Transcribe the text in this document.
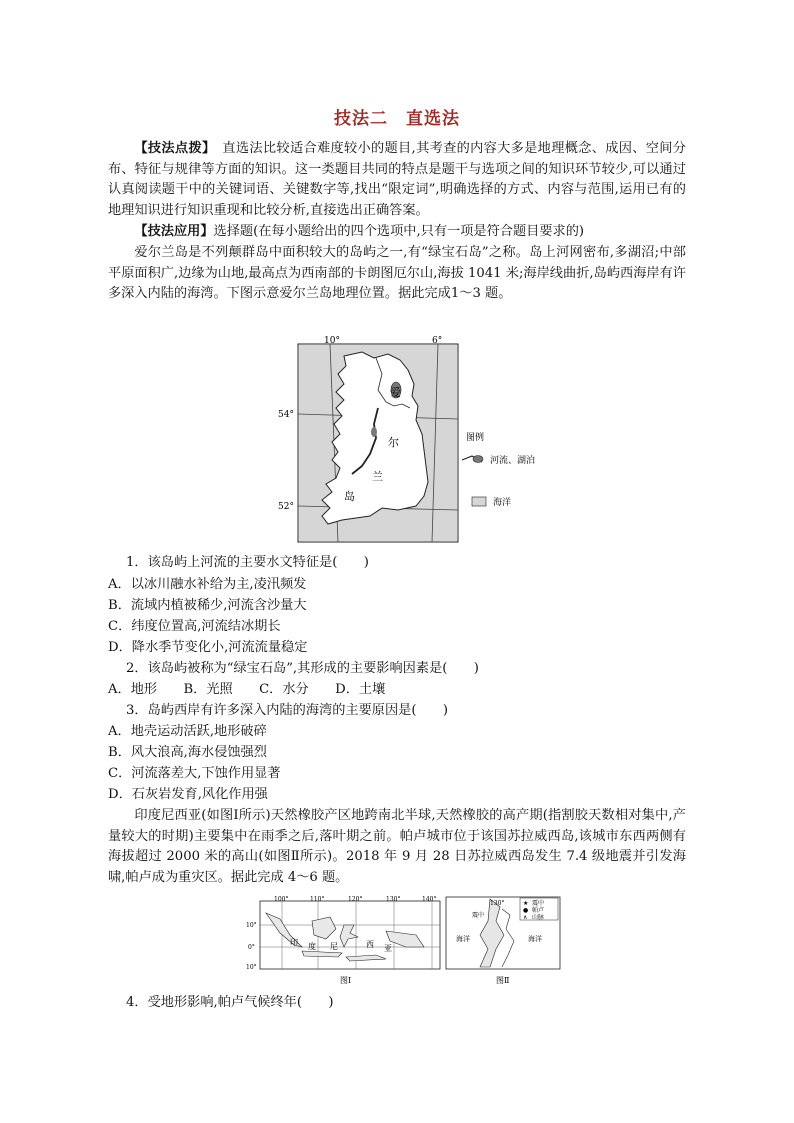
技法二　直选法

【技法点拨】　直选法比较适合难度较小的题目,其考查的内容大多是地理概念、成因、空间分布、特征与规律等方面的知识。这一类题目共同的特点是题干与选项之间的知识环节较少,可以通过认真阅读题干中的关键词语、关键数字等,找出“限定词”,明确选择的方式、内容与范围,运用已有的地理知识进行知识重现和比较分析,直接选出正确答案。

【技法应用】选择题(在每小题给出的四个选项中,只有一项是符合题目要求的)

爱尔兰岛是不列颠群岛中面积较大的岛屿之一,有“绿宝石岛”之称。岛上河网密布,多湖沼;中部平原面积广,边缘为山地,最高点为西南部的卡朗图厄尔山,海拔 1041 米;海岸线曲折,岛屿西海岸有许多深入内陆的海湾。下图示意爱尔兰岛地理位置。据此完成1～3 题。

10°	6°
54°
52°
爱
尔
兰
岛
图例
河流、湖泊
海洋
1．该岛屿上河流的主要水文特征是(　　)
A．以冰川融水补给为主,凌汛频发
B．流域内植被稀少,河流含沙量大
C．纬度位置高,河流结冰期长
D．降水季节变化小,河流流量稳定
2．该岛屿被称为“绿宝石岛”,其形成的主要影响因素是(　　)
A．地形　　B．光照　　C．水分　　D．土壤
3．岛屿西岸有许多深入内陆的海湾的主要原因是(　　)
A．地壳运动活跃,地形破碎
B．风大浪高,海水侵蚀强烈
C．河流落差大,下蚀作用显著
D．石灰岩发育,风化作用强

印度尼西亚(如图Ⅰ所示)天然橡胶产区地跨南北半球,天然橡胶的高产期(指割胶天数相对集中,产量较大的时期)主要集中在雨季之后,落叶期之前。帕卢城市位于该国苏拉威西岛,该城市东西两侧有海拔超过 2000 米的高山(如图Ⅱ所示)。2018 年 9 月 28 日苏拉威西岛发生 7.4 级地震并引发海啸,帕卢成为重灾区。据此完成 4～6 题。

100°	110°	120°	130°	140°
10°
0°
10°
印 度 尼	西 亚
图Ⅰ
130°
震中
海洋	海洋
★ 震中
● 帕卢
∧ 山脉
图Ⅱ
4．受地形影响,帕卢气候终年(　　)
